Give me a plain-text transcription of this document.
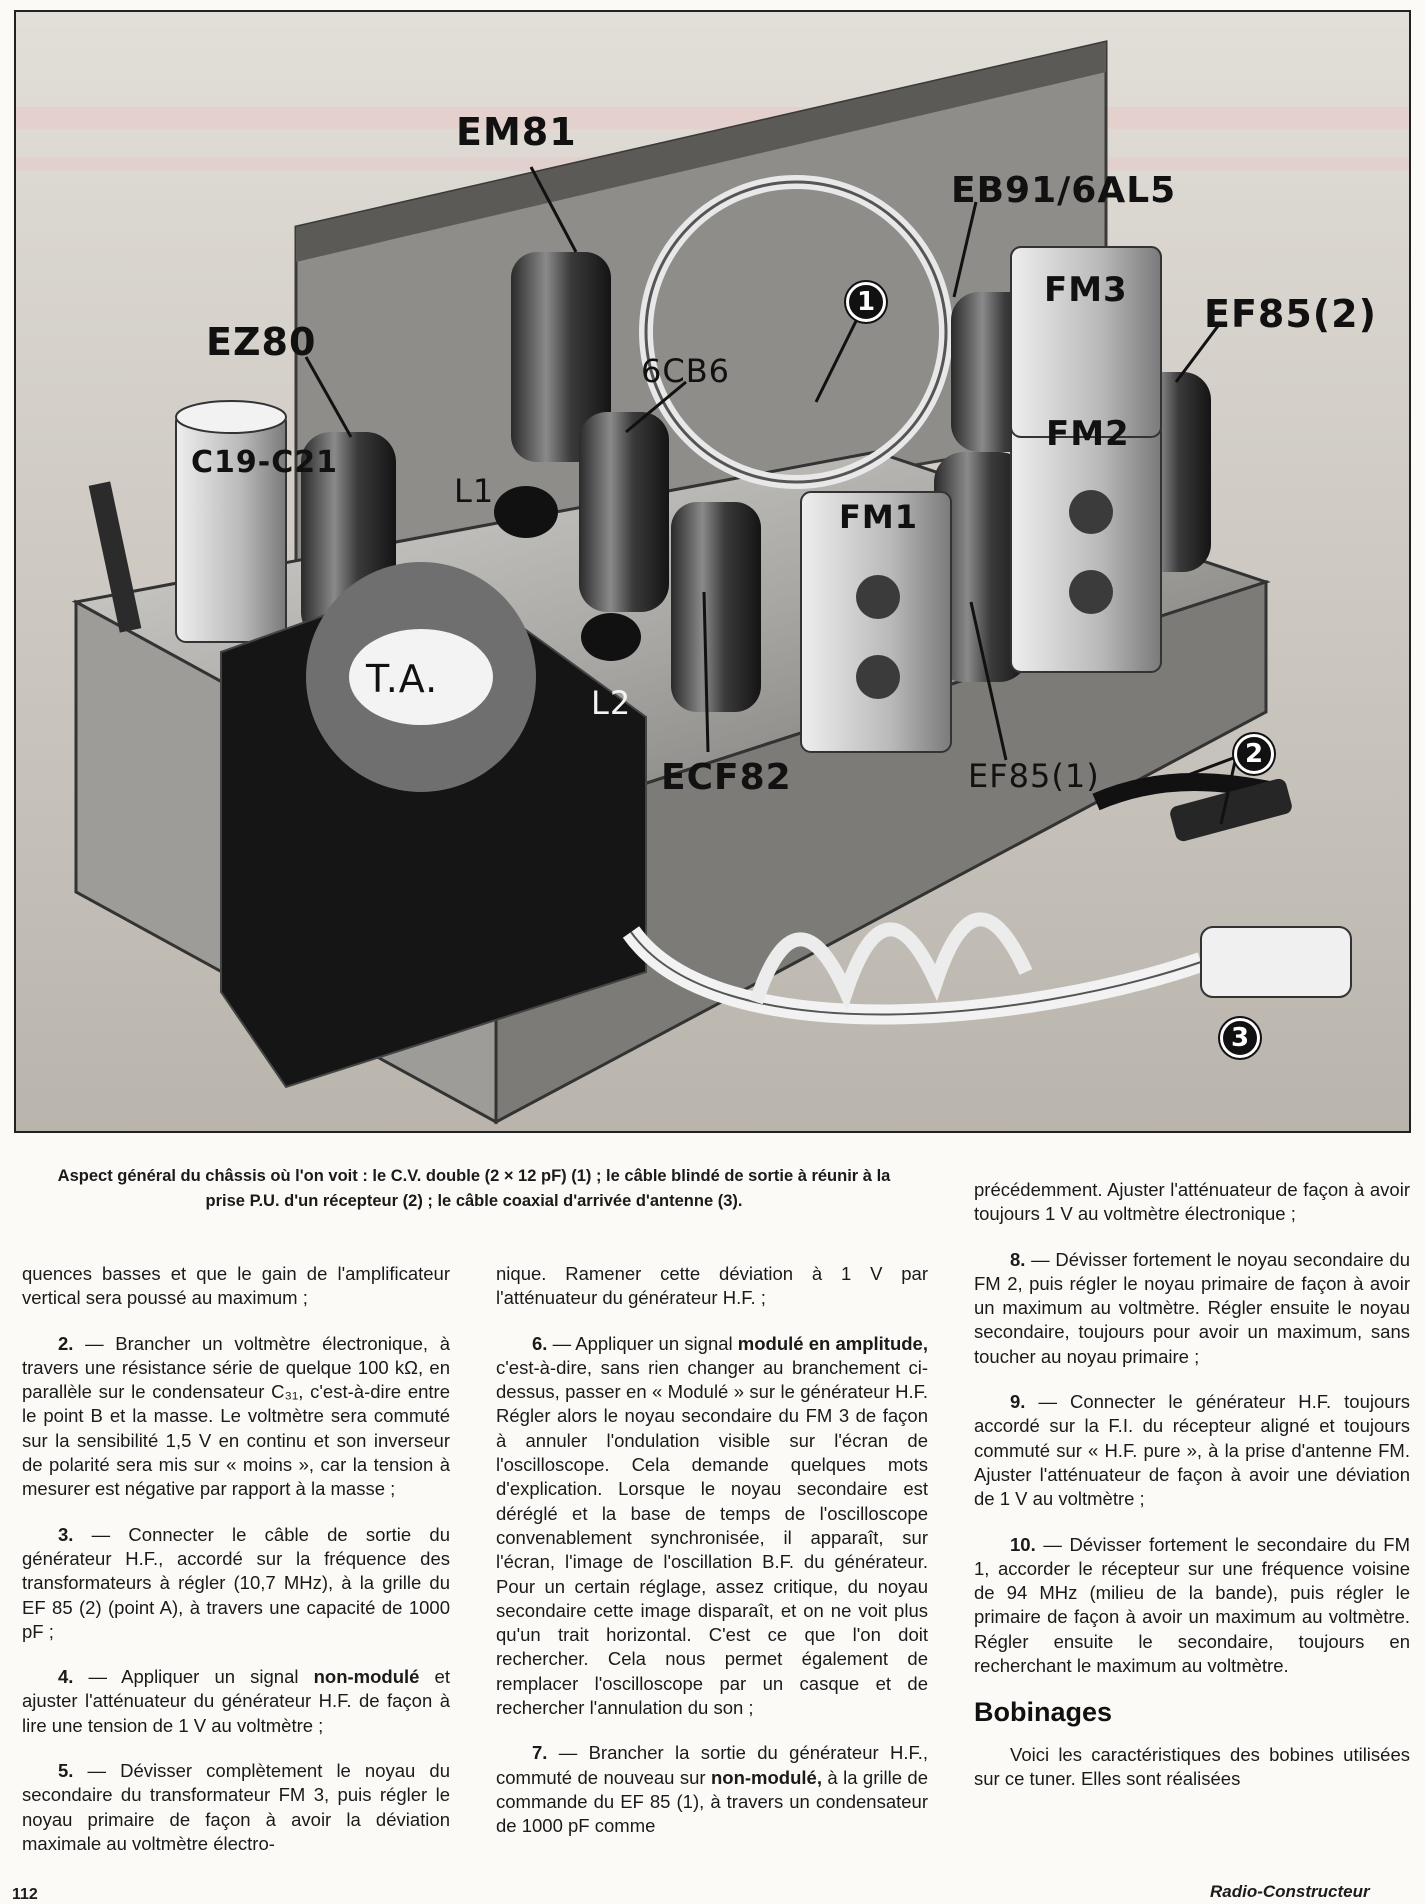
EM81
EB91/6AL5
FM3
EF85(2)
EZ80
6CB6
C19-C21
L1
FM2
FM1
T.A.
L2
ECF82	EF85(1)
1
2
3
Aspect général du châssis où l'on voit : le C.V. double (2 × 12 pF) (1) ; le câble blindé de sortie à réunir à la prise P.U. d'un récepteur (2) ; le câble coaxial d'arrivée d'antenne (3).

quences basses et que le gain de l'amplificateur vertical sera poussé au maximum ;

2. — Brancher un voltmètre électronique, à travers une résistance série de quelque 100 kΩ, en parallèle sur le condensateur C₃₁, c'est-à-dire entre le point B et la masse. Le voltmètre sera commuté sur la sensibilité 1,5 V en continu et son inverseur de polarité sera mis sur « moins », car la tension à mesurer est négative par rapport à la masse ;

3. — Connecter le câble de sortie du générateur H.F., accordé sur la fréquence des transformateurs à régler (10,7 MHz), à la grille du EF 85 (2) (point A), à travers une capacité de 1000 pF ;

4. — Appliquer un signal non-modulé et ajuster l'atténuateur du générateur H.F. de façon à lire une tension de 1 V au voltmètre ;

5. — Dévisser complètement le noyau du secondaire du transformateur FM 3, puis régler le noyau primaire de façon à avoir la déviation maximale au voltmètre électro-

nique. Ramener cette déviation à 1 V par l'atténuateur du générateur H.F. ;

6. — Appliquer un signal modulé en amplitude, c'est-à-dire, sans rien changer au branchement ci-dessus, passer en « Modulé » sur le générateur H.F. Régler alors le noyau secondaire du FM 3 de façon à annuler l'ondulation visible sur l'écran de l'oscilloscope. Cela demande quelques mots d'explication. Lorsque le noyau secondaire est déréglé et la base de temps de l'oscilloscope convenablement synchronisée, il apparaît, sur l'écran, l'image de l'oscillation B.F. du générateur. Pour un certain réglage, assez critique, du noyau secondaire cette image disparaît, et on ne voit plus qu'un trait horizontal. C'est ce que l'on doit rechercher. Cela nous permet également de remplacer l'oscilloscope par un casque et de rechercher l'annulation du son ;

7. — Brancher la sortie du générateur H.F., commuté de nouveau sur non-modulé, à la grille de commande du EF 85 (1), à travers un condensateur de 1000 pF comme

précédemment. Ajuster l'atténuateur de façon à avoir toujours 1 V au voltmètre électronique ;

8. — Dévisser fortement le noyau secondaire du FM 2, puis régler le noyau primaire de façon à avoir un maximum au voltmètre. Régler ensuite le noyau secondaire, toujours pour avoir un maximum, sans toucher au noyau primaire ;

9. — Connecter le générateur H.F. toujours accordé sur la F.I. du récepteur aligné et toujours commuté sur « H.F. pure », à la prise d'antenne FM. Ajuster l'atténuateur de façon à avoir une déviation de 1 V au voltmètre ;

10. — Dévisser fortement le secondaire du FM 1, accorder le récepteur sur une fréquence voisine de 94 MHz (milieu de la bande), puis régler le primaire de façon à avoir un maximum au voltmètre. Régler ensuite le secondaire, toujours en recherchant le maximum au voltmètre.

Bobinages

Voici les caractéristiques des bobines utilisées sur ce tuner. Elles sont réalisées

112	Radio-Constructeur
